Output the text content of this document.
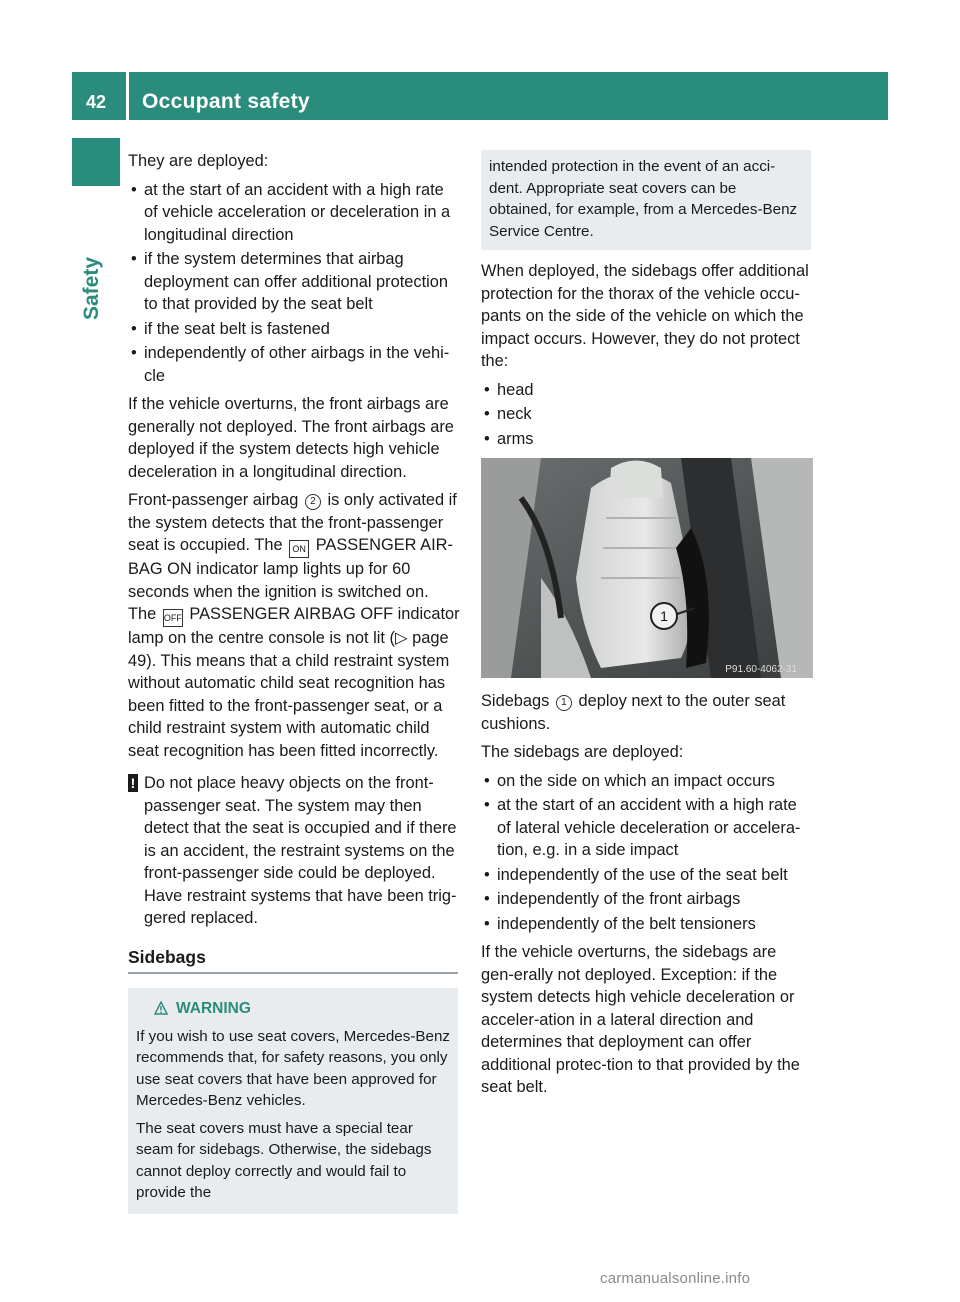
42 Occupant safety
Safety

They are deployed:

• at the start of an accident with a high rate of vehicle acceleration or deceleration in a longitudinal direction
• if the system determines that airbag deployment can offer additional protection to that provided by the seat belt
• if the seat belt is fastened
• independently of other airbags in the vehi-cle

If the vehicle overturns, the front airbags are generally not deployed. The front airbags are deployed if the system detects high vehicle deceleration in a longitudinal direction.

Front-passenger airbag 2 is only activated if the system detects that the front-passenger seat is occupied. The ON PASSENGER AIR-BAG ON indicator lamp lights up for 60 seconds when the ignition is switched on. The OFF PASSENGER AIRBAG OFF indicator lamp on the centre console is not lit (▷ page 49). This means that a child restraint system without automatic child seat recognition has been fitted to the front-passenger seat, or a child restraint system with automatic child seat recognition has been fitted incorrectly.

! Do not place heavy objects on the front-passenger seat. The system may then detect that the seat is occupied and if there is an accident, the restraint systems on the front-passenger side could be deployed. Have restraint systems that have been trig-gered replaced.
Sidebags
WARNING

If you wish to use seat covers, Mercedes-Benz recommends that, for safety reasons, you only use seat covers that have been approved for Mercedes-Benz vehicles.

The seat covers must have a special tear seam for sidebags. Otherwise, the sidebags cannot deploy correctly and would fail to provide the

intended protection in the event of an acci-dent. Appropriate seat covers can be obtained, for example, from a Mercedes-Benz Service Centre.

When deployed, the sidebags offer additional protection for the thorax of the vehicle occu-pants on the side of the vehicle on which the impact occurs. However, they do not protect the:

• head
• neck
• arms
1
P91.60-4062-31

Sidebags 1 deploy next to the outer seat cushions.

The sidebags are deployed:

• on the side on which an impact occurs
• at the start of an accident with a high rate of lateral vehicle deceleration or accelera-tion, e.g. in a side impact
• independently of the use of the seat belt
• independently of the front airbags
• independently of the belt tensioners

If the vehicle overturns, the sidebags are gen-erally not deployed. Exception: if the system detects high vehicle deceleration or acceler-ation in a lateral direction and determines that deployment can offer additional protec-tion to that provided by the seat belt.

carmanualsonline.info
